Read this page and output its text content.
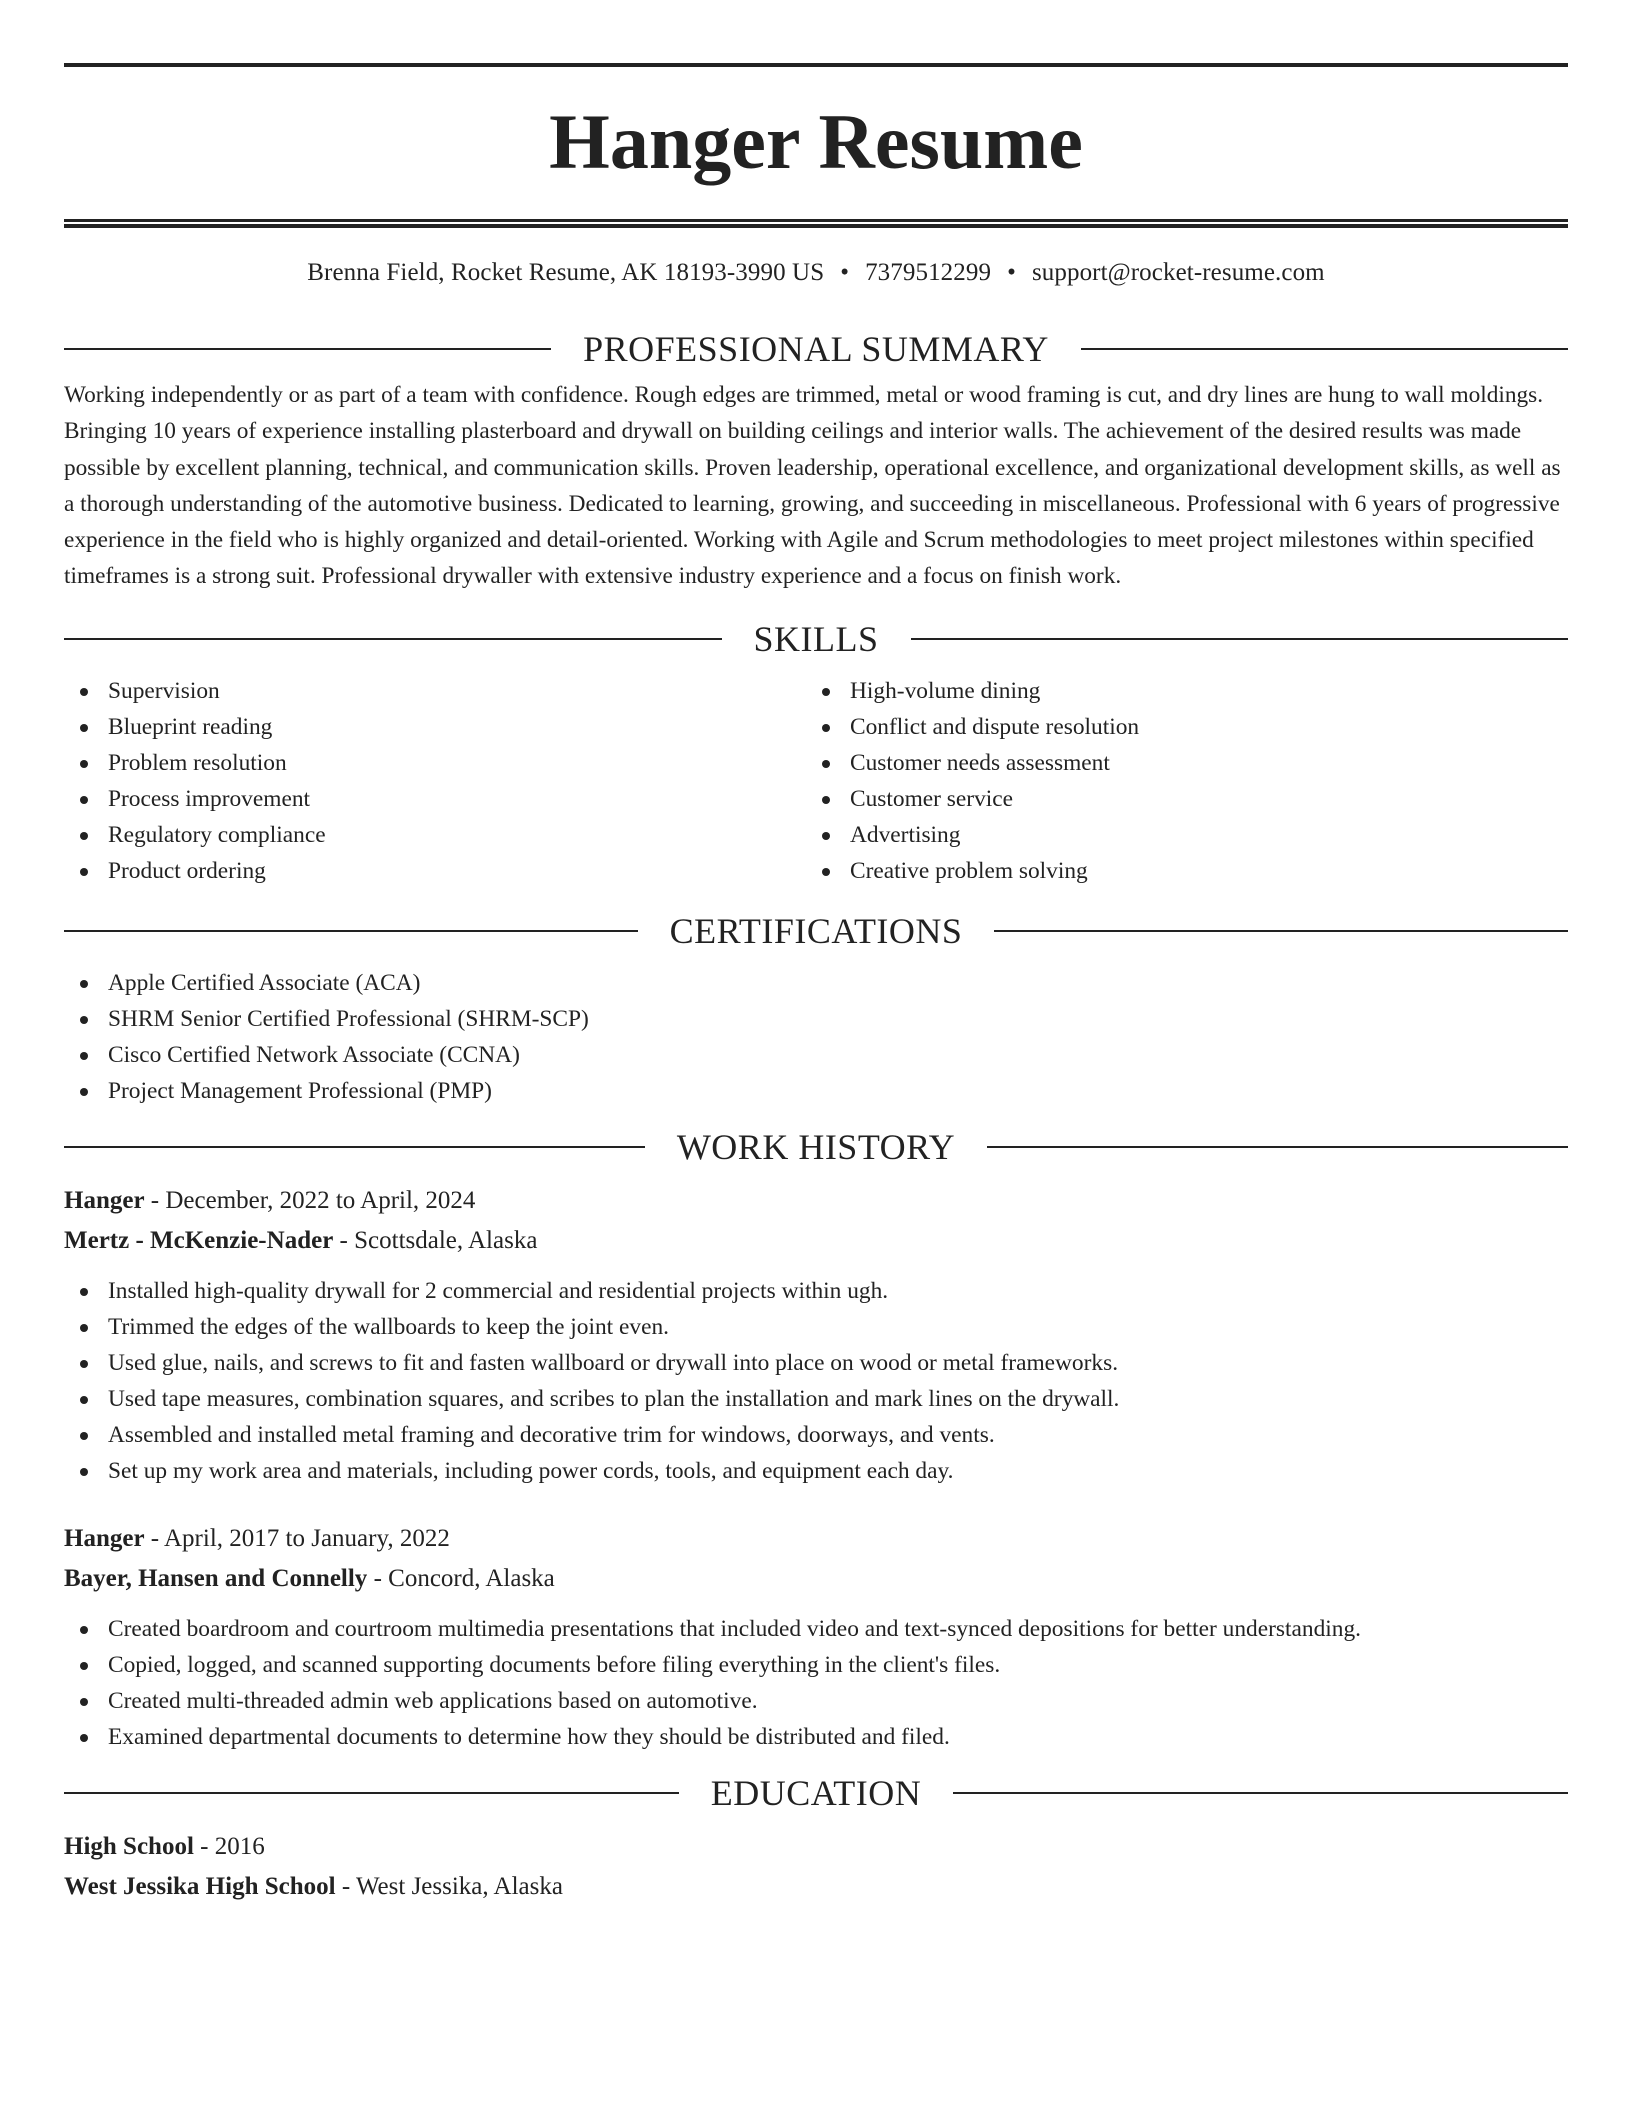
Hanger Resume
Brenna Field, Rocket Resume, AK 18193-3990 US • 7379512299 • support@rocket-resume.com
PROFESSIONAL SUMMARY

Working independently or as part of a team with confidence. Rough edges are trimmed, metal or wood framing is cut, and dry lines are hung to wall moldings. Bringing 10 years of experience installing plasterboard and drywall on building ceilings and interior walls. The achievement of the desired results was made possible by excellent planning, technical, and communication skills. Proven leadership, operational excellence, and organizational development skills, as well as a thorough understanding of the automotive business. Dedicated to learning, growing, and succeeding in miscellaneous. Professional with 6 years of progressive experience in the field who is highly organized and detail-oriented. Working with Agile and Scrum methodologies to meet project milestones within specified timeframes is a strong suit. Professional drywaller with extensive industry experience and a focus on finish work.

SKILLS
Supervision
Blueprint reading
Problem resolution
Process improvement
Regulatory compliance
Product ordering
High-volume dining
Conflict and dispute resolution
Customer needs assessment
Customer service
Advertising
Creative problem solving
CERTIFICATIONS
Apple Certified Associate (ACA)
SHRM Senior Certified Professional (SHRM-SCP)
Cisco Certified Network Associate (CCNA)
Project Management Professional (PMP)
WORK HISTORY
Hanger - December, 2022 to April, 2024
Mertz - McKenzie-Nader - Scottsdale, Alaska
Installed high-quality drywall for 2 commercial and residential projects within ugh.
Trimmed the edges of the wallboards to keep the joint even.
Used glue, nails, and screws to fit and fasten wallboard or drywall into place on wood or metal frameworks.
Used tape measures, combination squares, and scribes to plan the installation and mark lines on the drywall.
Assembled and installed metal framing and decorative trim for windows, doorways, and vents.
Set up my work area and materials, including power cords, tools, and equipment each day.
Hanger - April, 2017 to January, 2022
Bayer, Hansen and Connelly - Concord, Alaska
Created boardroom and courtroom multimedia presentations that included video and text-synced depositions for better understanding.
Copied, logged, and scanned supporting documents before filing everything in the client's files.
Created multi-threaded admin web applications based on automotive.
Examined departmental documents to determine how they should be distributed and filed.
EDUCATION
High School - 2016
West Jessika High School - West Jessika, Alaska
